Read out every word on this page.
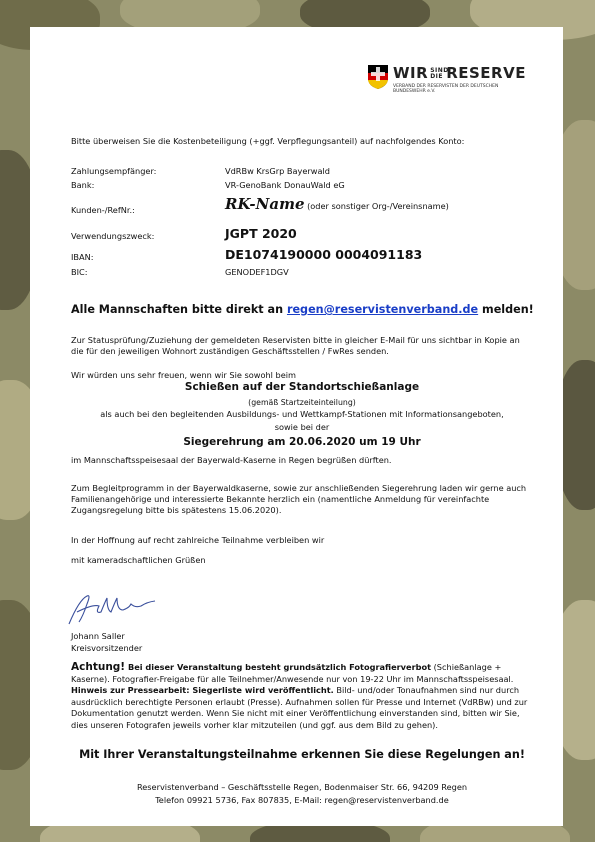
WIR SIND DIE RESERVE
VERBAND DER RESERVISTEN DER DEUTSCHEN BUNDESWEHR e.V.
Bitte überweisen Sie die Kostenbeteiligung (+ggf. Verpflegungsanteil) auf nachfolgendes Konto:
Zahlungsempfänger:	VdRBw KrsGrp Bayerwald
Bank:	VR-GenoBank DonauWald eG
Kunden-/RefNr.:	RK-Name (oder sonstiger Org-/Vereinsname)
Verwendungszweck:	JGPT 2020
IBAN:	DE1074190000 0004091183
BIC:	GENODEF1DGV
Alle Mannschaften bitte direkt an regen@reservistenverband.de melden!
Zur Statusprüfung/Zuziehung der gemeldeten Reservisten bitte in gleicher E-Mail für uns sichtbar in Kopie an die für den jeweiligen Wohnort zuständigen Geschäftsstellen / FwRes senden.
Wir würden uns sehr freuen, wenn wir Sie sowohl beim
Schießen auf der Standortschießanlage
(gemäß Startzeiteinteilung)
als auch bei den begleitenden Ausbildungs- und Wettkampf-Stationen mit Informationsangeboten,
sowie bei der
Siegerehrung am 20.06.2020 um 19 Uhr
im Mannschaftsspeisesaal der Bayerwald-Kaserne in Regen begrüßen dürften.
Zum Begleitprogramm in der Bayerwaldkaserne, sowie zur anschließenden Siegerehrung laden wir gerne auch Familienangehörige und interessierte Bekannte herzlich ein (namentliche Anmeldung für vereinfachte Zugangsregelung bitte bis spätestens 15.06.2020).
In der Hoffnung auf recht zahlreiche Teilnahme verbleiben wir
mit kameradschaftlichen Grüßen
Johann Saller
Kreisvorsitzender
Achtung! Bei dieser Veranstaltung besteht grundsätzlich Fotografierverbot (Schießanlage + Kaserne). Fotografier-Freigabe für alle Teilnehmer/Anwesende nur von 19-22 Uhr im Mannschaftsspeisesaal.
Hinweis zur Pressearbeit: Siegerliste wird veröffentlicht. Bild- und/oder Tonaufnahmen sind nur durch ausdrücklich berechtigte Personen erlaubt (Presse). Aufnahmen sollen für Presse und Internet (VdRBw) und zur Dokumentation genutzt werden. Wenn Sie nicht mit einer Veröffentlichung einverstanden sind, bitten wir Sie, dies unseren Fotografen jeweils vorher klar mitzuteilen (und ggf. aus dem Bild zu gehen).
Mit Ihrer Veranstaltungsteilnahme erkennen Sie diese Regelungen an!
Reservistenverband – Geschäftsstelle Regen, Bodenmaiser Str. 66, 94209 Regen
Telefon 09921 5736, Fax 807835, E-Mail: regen@reservistenverband.de
